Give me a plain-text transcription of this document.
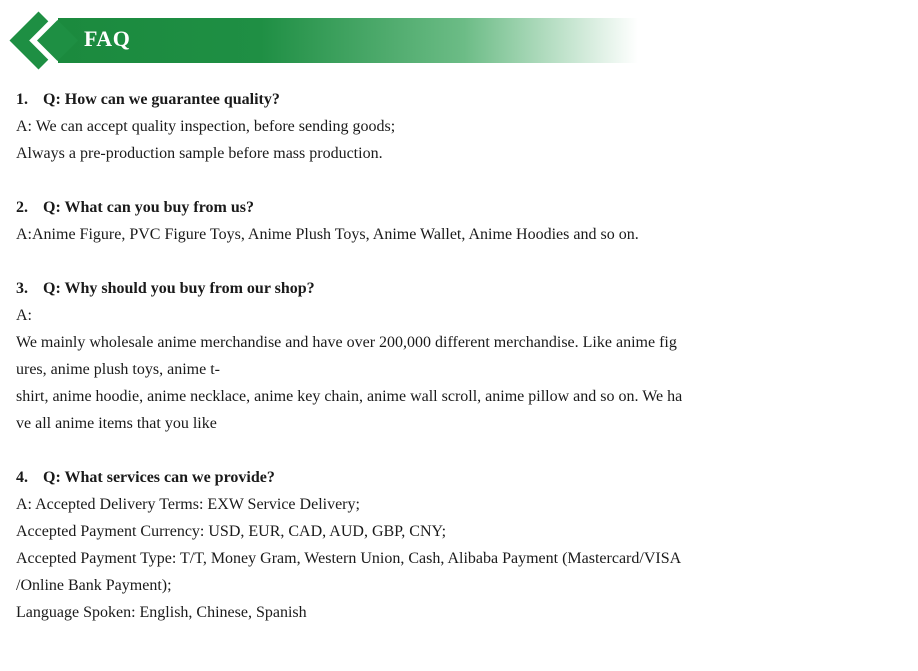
FAQ
1. Q: How can we guarantee quality?
A: We can accept quality inspection, before sending goods;
Always a pre-production sample before mass production.
2. Q: What can you buy from us?
A:Anime Figure, PVC Figure Toys, Anime Plush Toys, Anime Wallet, Anime Hoodies and so on.
3. Q: Why should you buy from our shop?
A:
We mainly wholesale anime merchandise and have over 200,000 different merchandise. Like anime fig
ures, anime plush toys, anime t-
shirt, anime hoodie, anime necklace, anime key chain, anime wall scroll, anime pillow and so on. We ha
ve all anime items that you like
4. Q: What services can we provide?
A: Accepted Delivery Terms: EXW Service Delivery;
Accepted Payment Currency: USD, EUR, CAD, AUD, GBP, CNY;
Accepted Payment Type: T/T, Money Gram, Western Union, Cash, Alibaba Payment (Mastercard/VISA
/Online Bank Payment);
Language Spoken: English, Chinese, Spanish
